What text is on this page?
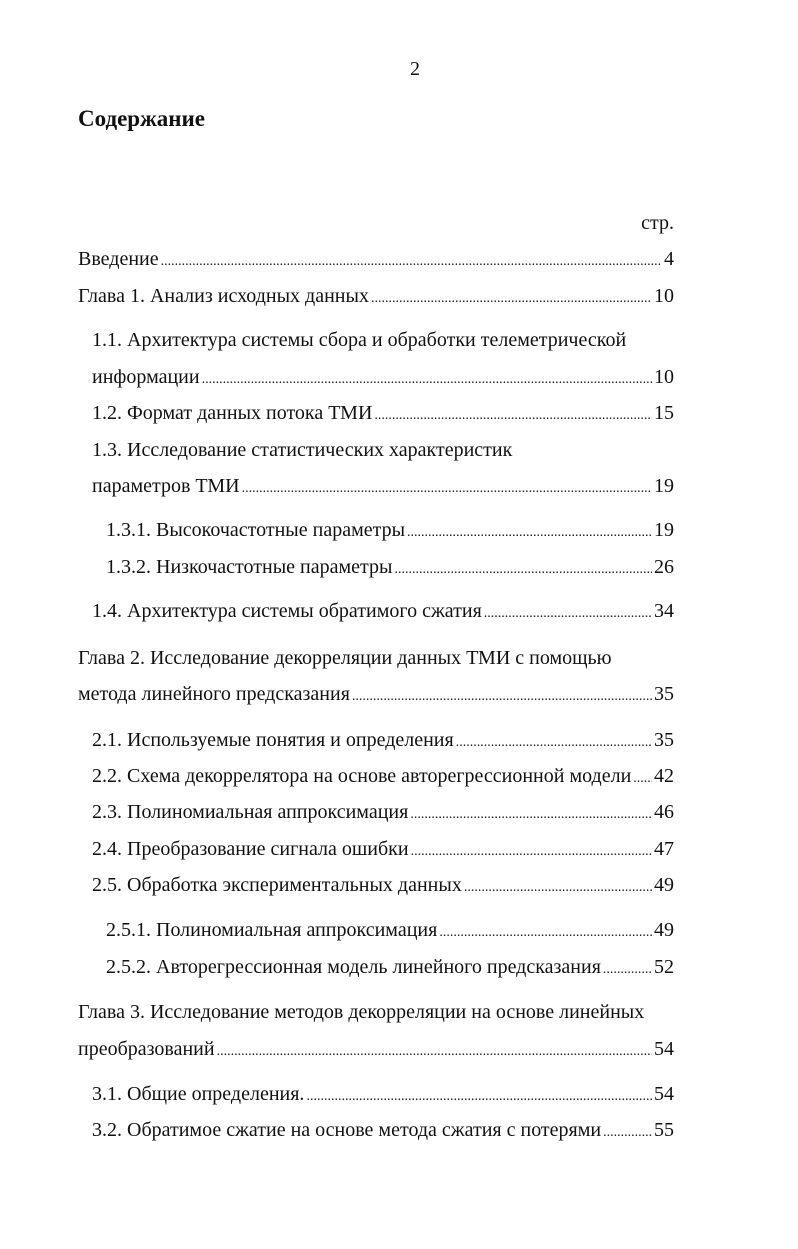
2
Содержание
стр.
Введение .....	4
Глава 1. Анализ исходных данных .....	10
1.1. Архитектура системы сбора и обработки телеметрической
информации .....	10
1.2. Формат данных потока ТМИ .....	15
1.3. Исследование статистических характеристик
параметров ТМИ .....	19
1.3.1. Высокочастотные параметры .....	19
1.3.2. Низкочастотные параметры .....	26
1.4. Архитектура системы обратимого сжатия .....	34
Глава 2. Исследование декорреляции данных ТМИ с помощью
метода линейного предсказания .....	35
2.1. Используемые понятия и определения .....	35
2.2. Схема декоррелятора на основе авторегрессионной модели ..... 42
2.3. Полиномиальная аппроксимация .....	46
2.4. Преобразование сигнала ошибки .....	47
2.5. Обработка экспериментальных данных .....	49
2.5.1. Полиномиальная аппроксимация .....	49
2.5.2. Авторегрессионная модель линейного предсказания .....	52
Глава 3. Исследование методов декорреляции на основе линейных
преобразований .....	54
3.1. Общие определения. .....	54
3.2. Обратимое сжатие на основе метода сжатия с потерями .....	55
